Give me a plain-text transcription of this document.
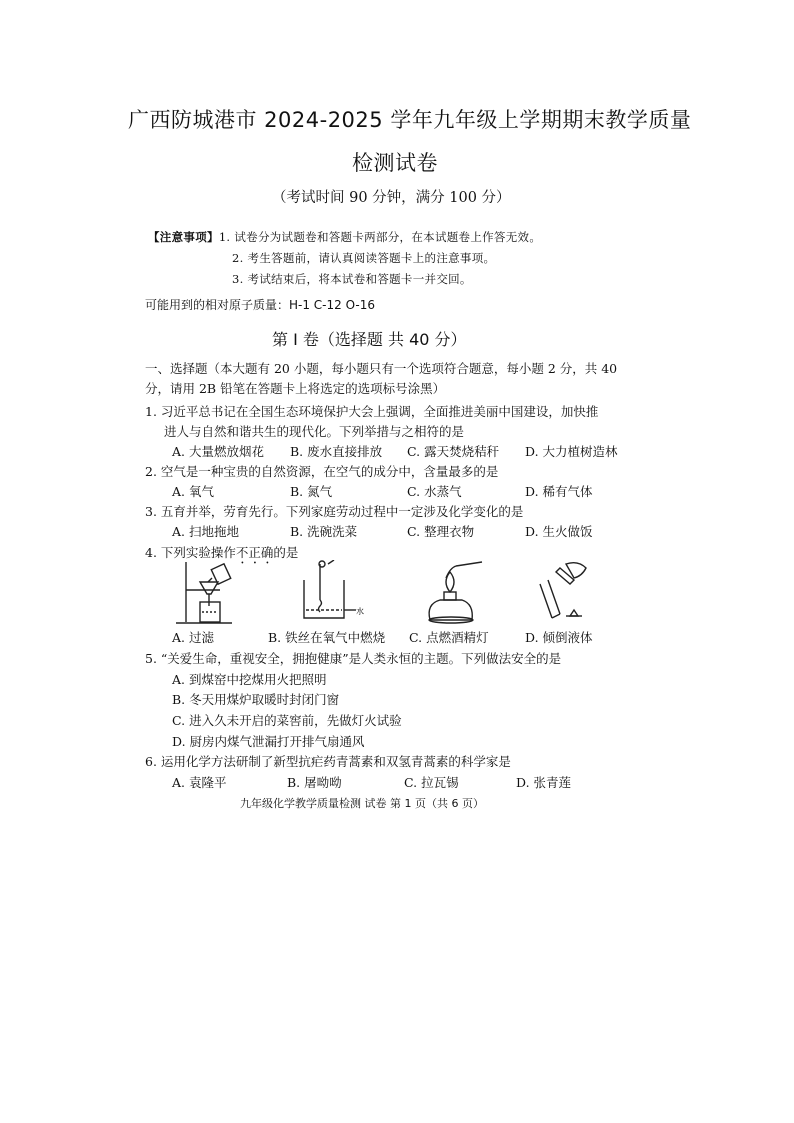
广西防城港市 2024-2025 学年九年级上学期期末教学质量
检测试卷
（考试时间 90 分钟，满分 100 分）
【注意事项】1. 试卷分为试题卷和答题卡两部分，在本试题卷上作答无效。
2. 考生答题前，请认真阅读答题卡上的注意事项。
3. 考试结束后，将本试卷和答题卡一并交回。
可能用到的相对原子质量：H-1 C-12 O-16
第 I 卷（选择题 共 40 分）
一、选择题（本大题有 20 小题，每小题只有一个选项符合题意，每小题 2 分，共 40
分，请用 2B 铅笔在答题卡上将选定的选项标号涂黑）
1. 习近平总书记在全国生态环境保护大会上强调，全面推进美丽中国建设，加快推
进人与自然和谐共生的现代化。下列举措与之相符的是
A. 大量燃放烟花 B. 废水直接排放 C. 露天焚烧秸秆 D. 大力植树造林
2. 空气是一种宝贵的自然资源，在空气的成分中，含量最多的是
A. 氧气	B. 氮气	C. 水蒸气	D. 稀有气体
3. 五育并举，劳育先行。下列家庭劳动过程中一定涉及化学变化的是
A. 扫地拖地	B. 洗碗洗菜	C. 整理衣物	D. 生火做饭
4. 下列实验操作不正确的是
水
A. 过滤	B. 铁丝在氧气中燃烧 C. 点燃酒精灯	D. 倾倒液体
5. “关爱生命，重视安全，拥抱健康”是人类永恒的主题。下列做法安全的是
A. 到煤窑中挖煤用火把照明
B. 冬天用煤炉取暖时封闭门窗
C. 进入久未开启的菜窖前，先做灯火试验
D. 厨房内煤气泄漏打开排气扇通风
6. 运用化学方法研制了新型抗疟药青蒿素和双氢青蒿素的科学家是
A. 袁隆平	B. 屠呦呦	C. 拉瓦锡	D. 张青莲
九年级化学教学质量检测 试卷 第 1 页（共 6 页）
